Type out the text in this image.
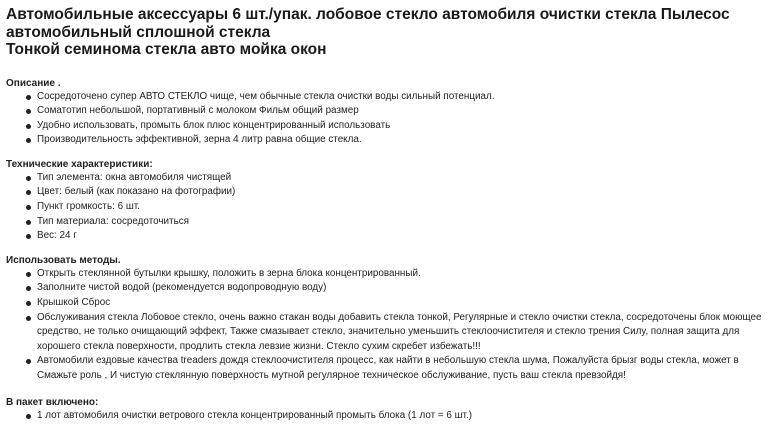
Автомобильные аксессуары 6 шт./упак. лобовое стекло автомобиля очистки стекла Пылесос
автомобильный сплошной стекла
Тонкой семинома стекла авто мойка окон

Описание .

Сосредоточено супер АВТО СТЕКЛО чище, чем обычные стекла очистки воды сильный потенциал.
Соматотип небольшой, портативный с молоком Фильм общий размер
Удобно использовать, промыть блок плюс концентрированный использовать
Производительность эффективной, зерна 4 литр равна общие стекла.

Технические характеристики:

Тип элемента: окна автомобиля чистящей
Цвет: белый (как показано на фотографии)
Пункт громкость: 6 шт.
Тип материала: сосредоточиться
Вес: 24 г

Использовать методы.

Открыть стеклянной бутылки крышку, положить в зерна блока концентрированный.
Заполните чистой водой (рекомендуется водопроводную воду)
Крышкой Сброс
Обслуживания стекла Лобовое стекло, очень важно стакан воды добавить стекла тонкой, Регулярные и стекло очистки стекла, сосредоточены блок моющее средство, не только очищающий эффект, Также смазывает стекло, значительно уменьшить стеклоочистителя и стекло трения Силу, полная защита для хорошего стекла поверхности, продлить стекла левзие жизни. Стекло сухим скребет избежать!!!
Автомобили ездовые качества treaders дождя стеклоочистителя процесс, как найти в небольшую стекла шума, Пожалуйста брызг воды стекла, может в Смажьте роль , И чистую стеклянную поверхность мутной регулярное техническое обслуживание, пусть ваш стекла превзойдя!

В пакет включено:

1 лот автомобиля очистки ветрового стекла концентрированный промыть блока (1 лот = 6 шт.)
